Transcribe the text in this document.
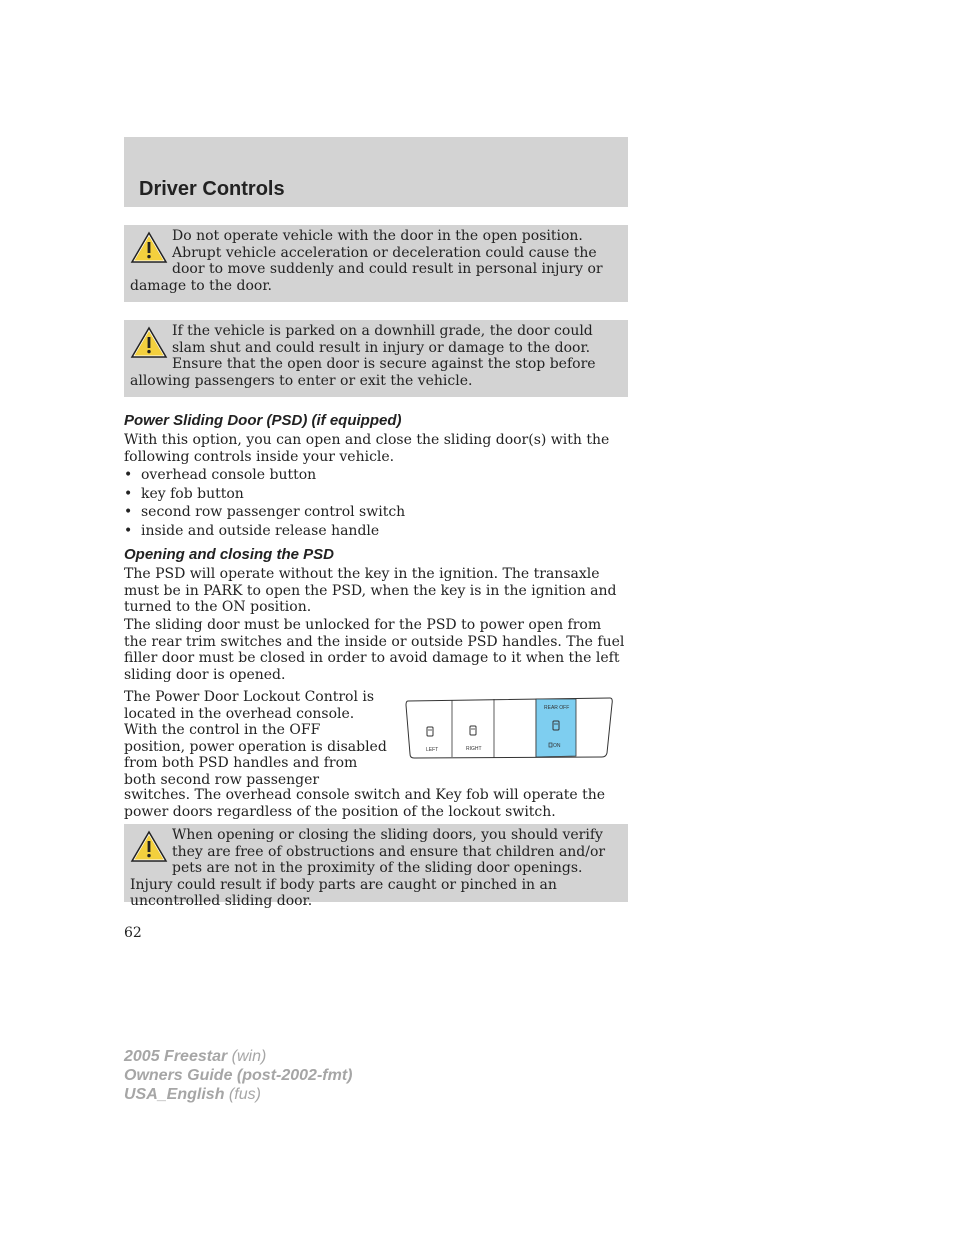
Driver Controls
Do not operate vehicle with the door in the open position. Abrupt vehicle acceleration or deceleration could cause the door to move suddenly and could result in personal injury or damage to the door.
If the vehicle is parked on a downhill grade, the door could slam shut and could result in injury or damage to the door. Ensure that the open door is secure against the stop before allowing passengers to enter or exit the vehicle.
Power Sliding Door (PSD) (if equipped)

With this option, you can open and close the sliding door(s) with the following controls inside your vehicle.

• overhead console button
• key fob button
• second row passenger control switch
• inside and outside release handle
Opening and closing the PSD

The PSD will operate without the key in the ignition. The transaxle must be in PARK to open the PSD, when the key is in the ignition and turned to the ON position.

The sliding door must be unlocked for the PSD to power open from the rear trim switches and the inside or outside PSD handles. The fuel filler door must be closed in order to avoid damage to it when the left sliding door is opened.

The Power Door Lockout Control is
located in the overhead console.
With the control in the OFF
position, power operation is disabled
from both PSD handles and from
both second row passenger

switches. The overhead console switch and Key fob will operate the power doors regardless of the position of the lockout switch.

LEFT	RIGHT
REAR OFF
ON
When opening or closing the sliding doors, you should verify they are free of obstructions and ensure that children and/or pets are not in the proximity of the sliding door openings. Injury could result if body parts are caught or pinched in an uncontrolled sliding door.

62

2005 Freestar (win)
Owners Guide (post-2002-fmt)
USA_English (fus)
